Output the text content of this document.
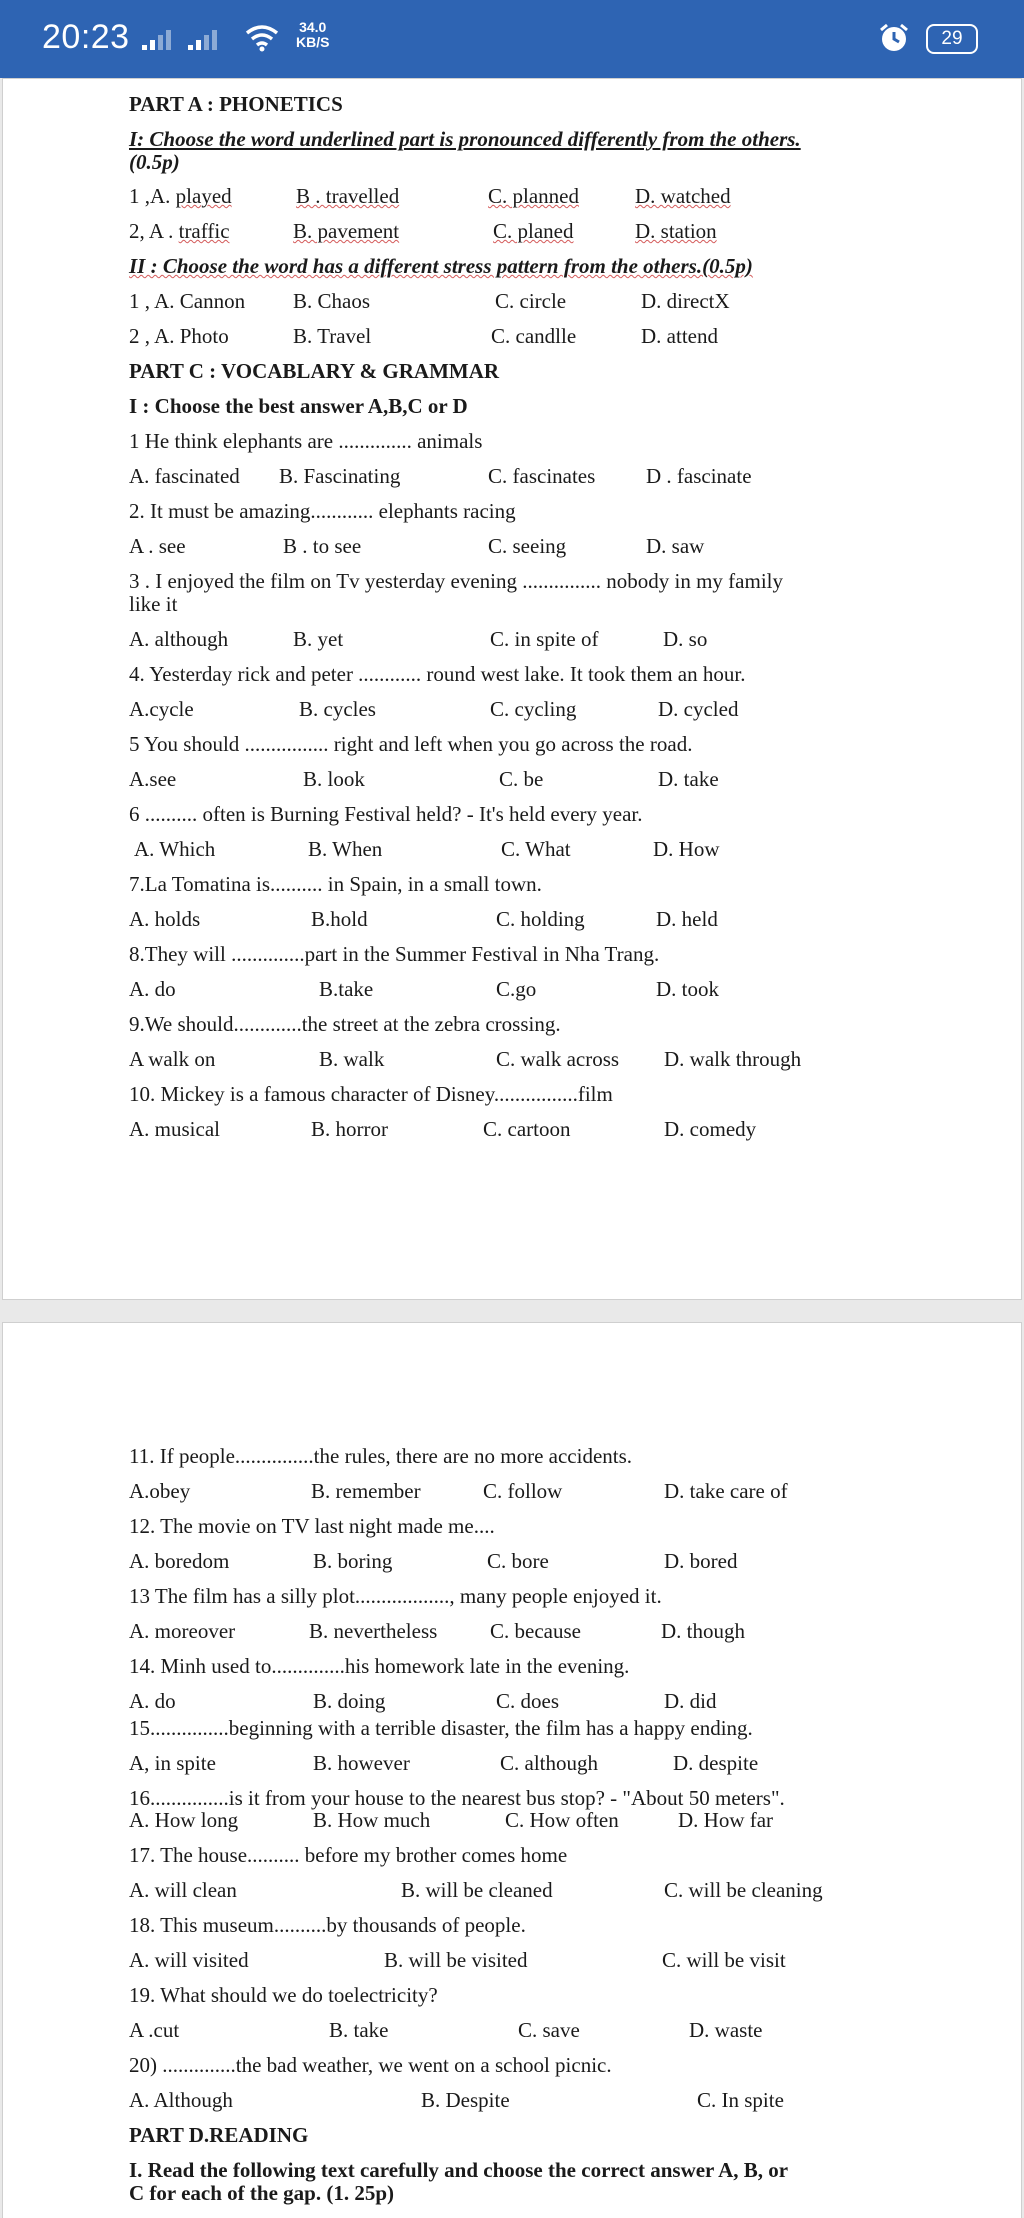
20:23	34.0
KB/S	29
PART A : PHONETICS
I: Choose the word underlined part is pronounced differently from the others.
(0.5p)
1 ,A. played	B . travelled	C. planned	D. watched
2, A . traffic	B. pavement	C. planed	D. station
II : Choose the word has a different stress pattern from the others.(0.5p)
1 , A. Cannon B. Chaos	C. circle	D. directX
2 , A. Photo	B. Travel	C. candlle	D. attend
PART C : VOCABLARY & GRAMMAR
I : Choose the best answer A,B,C or D
1 He think elephants are .............. animals
A. fascinated B. Fascinating	C. fascinates D . fascinate
2. It must be amazing............ elephants racing
A . see	B . to see	C. seeing	D. saw
3 . I enjoyed the film on Tv yesterday evening ............... nobody in my family
like it
A. although	B. yet	C. in spite of	D. so
4. Yesterday rick and peter ............ round west lake. It took them an hour.
A.cycle	B. cycles	C. cycling	D. cycled
5 You should ................ right and left when you go across the road.
A.see	B. look	C. be	D. take
6 .......... often is Burning Festival held? - It's held every year.
A. Which	B. When	C. What	D. How
7.La Tomatina is.......... in Spain, in a small town.
A. holds	B.hold	C. holding	D. held
8.They will ..............part in the Summer Festival in Nha Trang.
A. do	B.take	C.go	D. took
9.We should.............the street at the zebra crossing.
A walk on	B. walk	C. walk across D. walk through
10. Mickey is a famous character of Disney................film
A. musical	B. horror	C. cartoon	D. comedy
11. If people...............the rules, there are no more accidents.
A.obey	B. remember	C. follow	D. take care of
12. The movie on TV last night made me....
A. boredom	B. boring	C. bore	D. bored
13 The film has a silly plot.................., many people enjoyed it.
A. moreover	B. nevertheless	C. because	D. though
14. Minh used to..............his homework late in the evening.
A. do	B. doing	C. does	D. did
15...............beginning with a terrible disaster, the film has a happy ending.
A, in spite	B. however	C. although	D. despite
16...............is it from your house to the nearest bus stop? - "About 50 meters".
A. How long	B. How much	C. How often	D. How far
17. The house.......... before my brother comes home
A. will clean	B. will be cleaned	C. will be cleaning
18. This museum..........by thousands of people.
A. will visited	B. will be visited	C. will be visit
19. What should we do toelectricity?
A .cut	B. take	C. save	D. waste
20) ..............the bad weather, we went on a school picnic.
A. Although	B. Despite	C. In spite
PART D.READING
I. Read the following text carefully and choose the correct answer A, B, or
C for each of the gap. (1. 25p)
